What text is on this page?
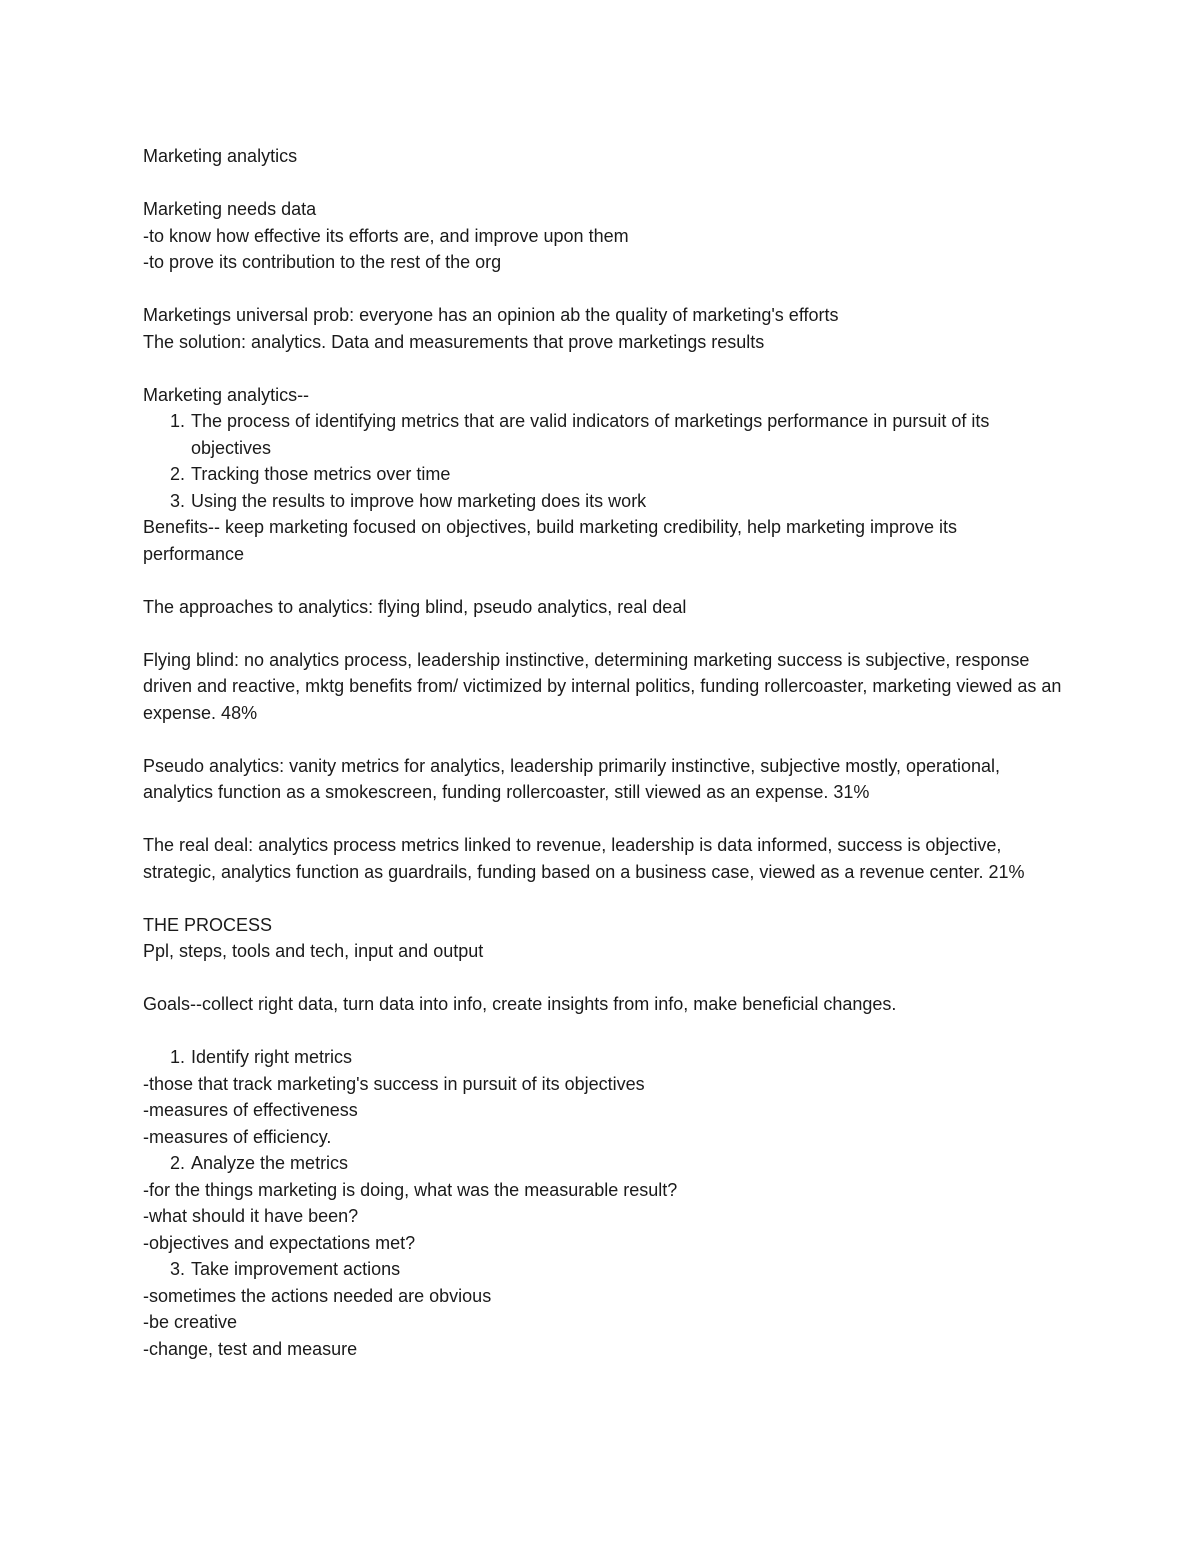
Marketing analytics
Marketing needs data
-to know how effective its efforts are, and improve upon them
-to prove its contribution to the rest of the org
Marketings universal prob: everyone has an opinion ab the quality of marketing's efforts
The solution: analytics. Data and measurements that prove marketings results
Marketing analytics--
1. The process of identifying metrics that are valid indicators of marketings performance in pursuit of its objectives
2. Tracking those metrics over time
3. Using the results to improve how marketing does its work
Benefits-- keep marketing focused on objectives, build marketing credibility, help marketing improve its performance
The approaches to analytics: flying blind, pseudo analytics, real deal
Flying blind: no analytics process, leadership instinctive, determining marketing success is subjective, response driven and reactive, mktg benefits from/ victimized by internal politics, funding rollercoaster, marketing viewed as an expense. 48%
Pseudo analytics: vanity metrics for analytics, leadership primarily instinctive, subjective mostly, operational, analytics function as a smokescreen, funding rollercoaster, still viewed as an expense. 31%
The real deal: analytics process metrics linked to revenue, leadership is data informed, success is objective, strategic, analytics function as guardrails, funding based on a business case, viewed as a revenue center. 21%
THE PROCESS
Ppl, steps, tools and tech, input and output
Goals--collect right data, turn data into info, create insights from info, make beneficial changes.
1. Identify right metrics
-those that track marketing's success in pursuit of its objectives
-measures of effectiveness
-measures of efficiency.
2. Analyze the metrics
-for the things marketing is doing, what was the measurable result?
-what should it have been?
-objectives and expectations met?
3. Take improvement actions
-sometimes the actions needed are obvious
-be creative
-change, test and measure
